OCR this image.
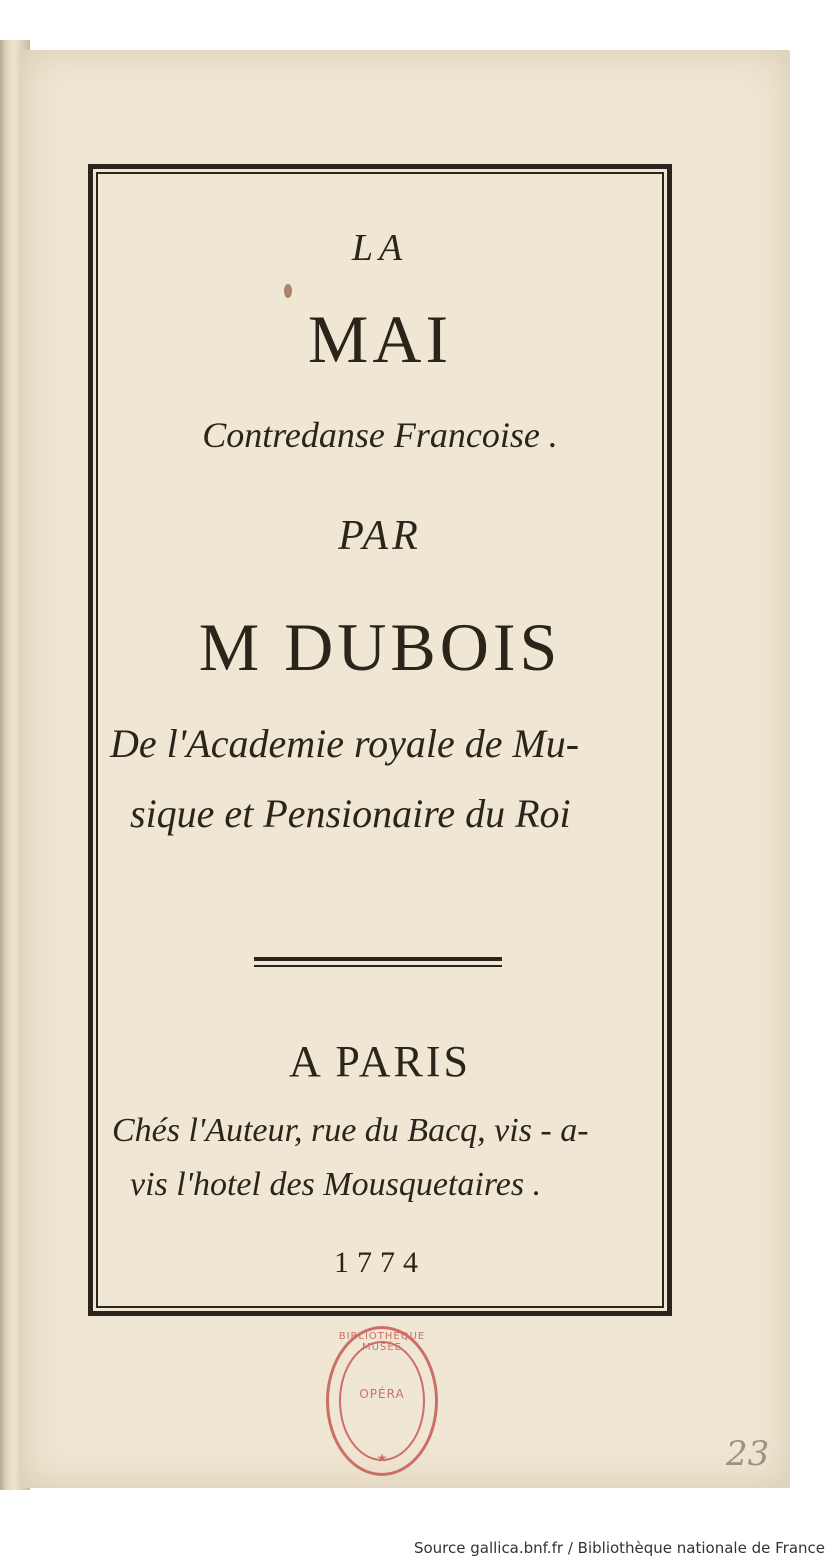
LA

MAI

Contredanse Francoise .

PAR

M DUBOIS

De l'Academie royale de Mu-

sique et Pensionaire du Roi

A PARIS

Chés l'Auteur, rue du Bacq, vis - a-

vis l'hotel des Mousquetaires .

1774

BIBLIOTHÈQUE MUSÉE
OPÉRA
★	23
Source gallica.bnf.fr / Bibliothèque nationale de France
